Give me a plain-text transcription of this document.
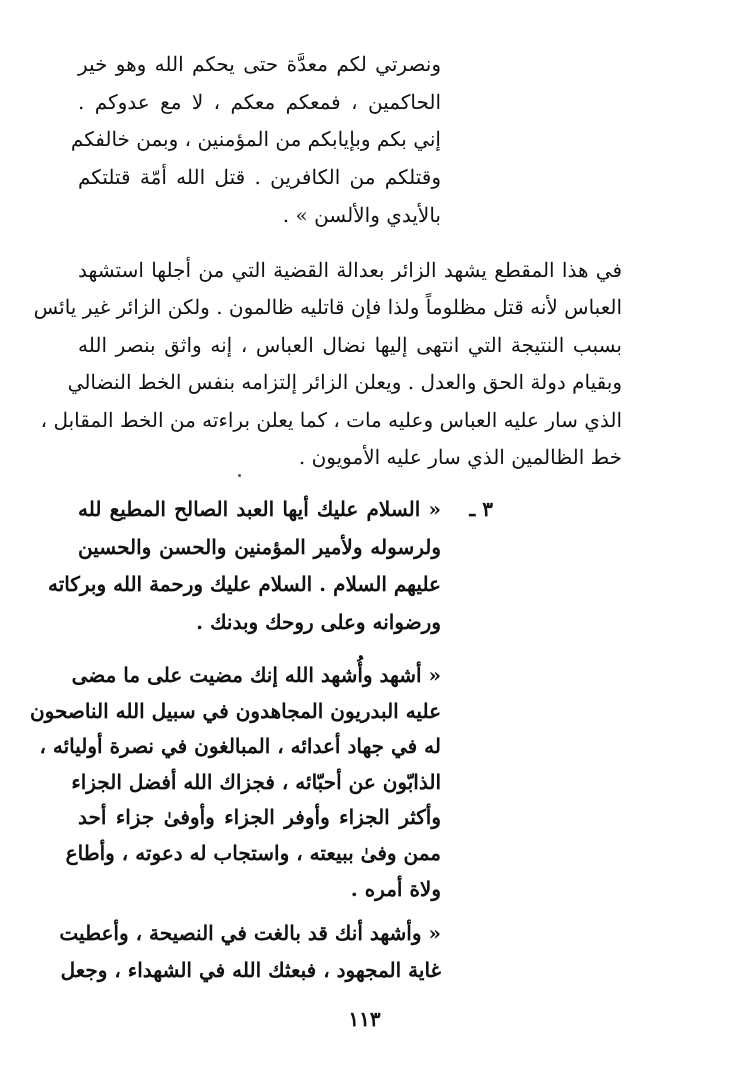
ونصرتي لكم معدَّة حتى يحكم الله وهو خير
الحاكمين ، فمعكم معكم ، لا مع عدوكم .
إني بكم وبإيابكم من المؤمنين ، وبمن خالفكم
وقتلكم من الكافرين . قتل الله أمّة قتلتكم
بالأيدي والألسن » .
في هذا المقطع يشهد الزائر بعدالة القضية التي من أجلها استشهد
العباس لأنه قتل مظلوماً ولذا فإن قاتليه ظالمون . ولكن الزائر غير يائس
بسبب النتيجة التي انتهى إليها نضال العباس ، إنه واثق بنصر الله
وبقيام دولة الحق والعدل . ويعلن الزائر إلتزامه بنفس الخط النضالي
الذي سار عليه العباس وعليه مات ، كما يعلن براءته من الخط المقابل ،
خط الظالمين الذي سار عليه الأمويون .
٣ ـ
« السلام عليك أيها العبد الصالح المطيع لله
ولرسوله ولأمير المؤمنين والحسن والحسين
عليهم السلام . السلام عليك ورحمة الله وبركاته
ورضوانه وعلى روحك وبدنك .
« أشهد وأُشهد الله إنك مضيت على ما مضى
عليه البدريون المجاهدون في سبيل الله الناصحون
له في جهاد أعدائه ، المبالغون في نصرة أوليائه ،
الذابّون عن أحبّائه ، فجزاك الله أفضل الجزاء
وأكثر الجزاء وأوفر الجزاء وأوفىٰ جزاء أحد
ممن وفىٰ ببيعته ، واستجاب له دعوته ، وأطاع
ولاة أمره .
« وأشهد أنك قد بالغت في النصيحة ، وأعطيت
غاية المجهود ، فبعثك الله في الشهداء ، وجعل
١١٣
